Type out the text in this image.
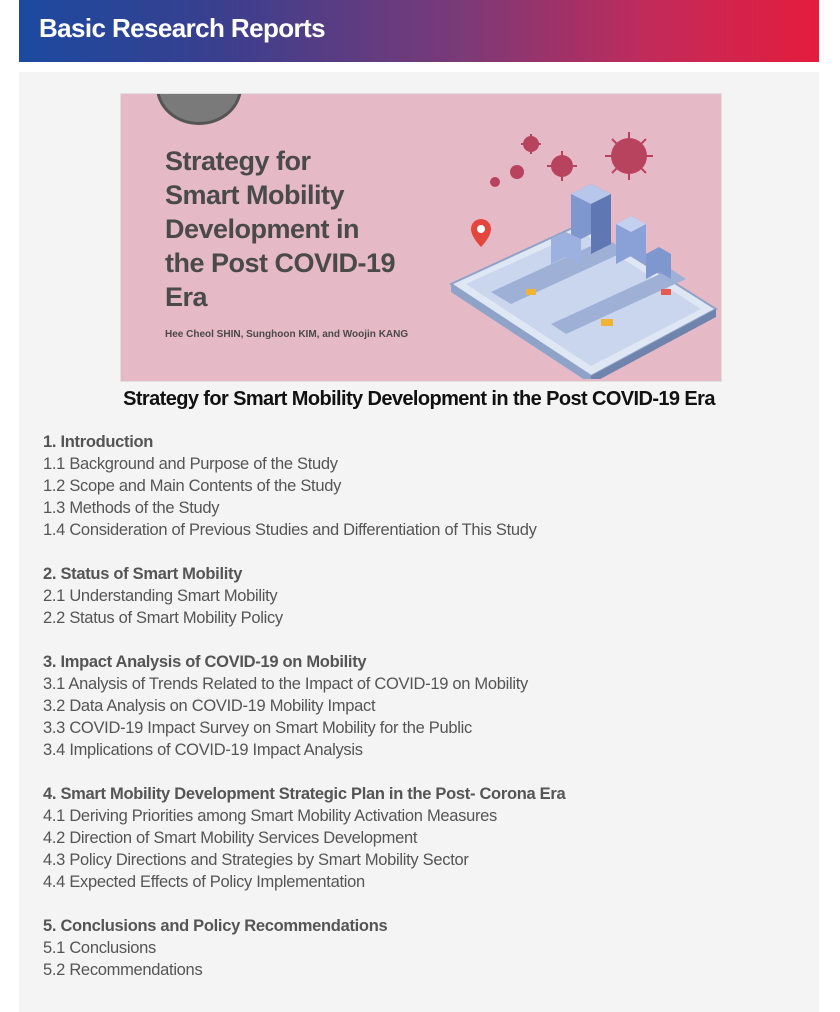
Basic Research Reports
Strategy for
Smart Mobility
Development in
the Post COVID-19
Era
Hee Cheol SHIN, Sunghoon KIM, and Woojin KANG
Strategy for Smart Mobility Development in the Post COVID-19 Era
1. Introduction
1.1 Background and Purpose of the Study
1.2 Scope and Main Contents of the Study
1.3 Methods of the Study
1.4 Consideration of Previous Studies and Differentiation of This Study
2. Status of Smart Mobility
2.1 Understanding Smart Mobility
2.2 Status of Smart Mobility Policy
3. Impact Analysis of COVID-19 on Mobility
3.1 Analysis of Trends Related to the Impact of COVID-19 on Mobility
3.2 Data Analysis on COVID-19 Mobility Impact
3.3 COVID-19 Impact Survey on Smart Mobility for the Public
3.4 Implications of COVID-19 Impact Analysis
4. Smart Mobility Development Strategic Plan in the Post- Corona Era
4.1 Deriving Priorities among Smart Mobility Activation Measures
4.2 Direction of Smart Mobility Services Development
4.3 Policy Directions and Strategies by Smart Mobility Sector
4.4 Expected Effects of Policy Implementation
5. Conclusions and Policy Recommendations
5.1 Conclusions
5.2 Recommendations
